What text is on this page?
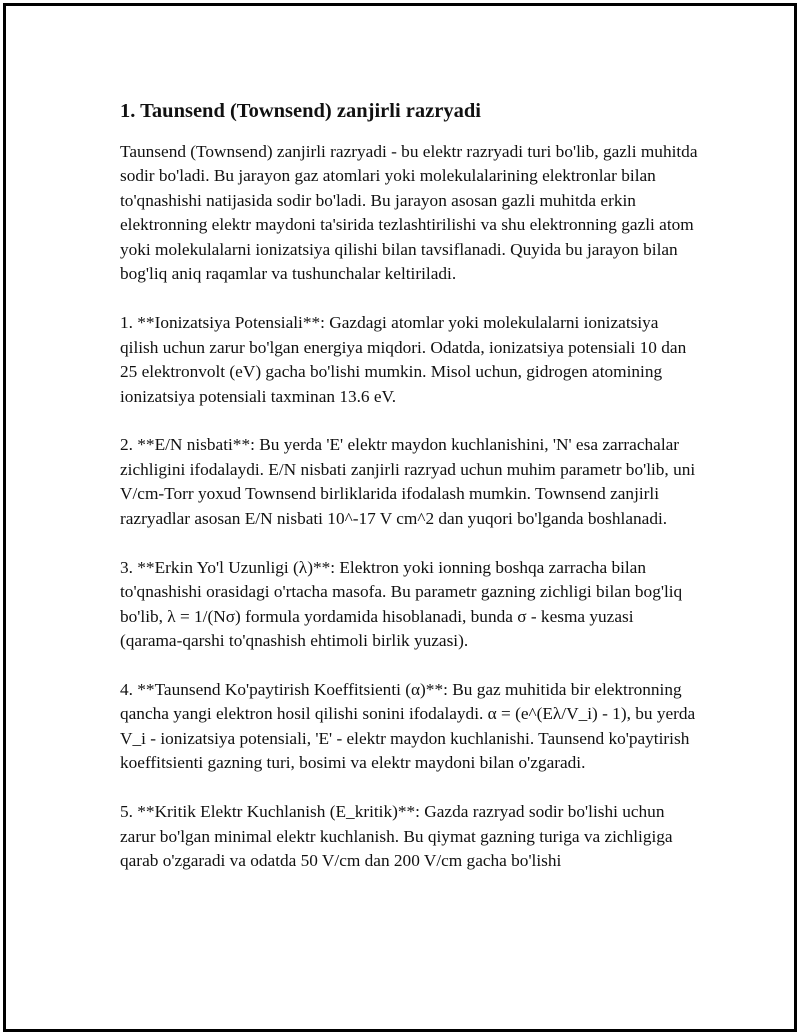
1. Taunsend (Townsend) zanjirli razryadi

Taunsend (Townsend) zanjirli razryadi - bu elektr razryadi turi bo'lib, gazli muhitda sodir bo'ladi. Bu jarayon gaz atomlari yoki molekulalarining elektronlar bilan to'qnashishi natijasida sodir bo'ladi. Bu jarayon asosan gazli muhitda erkin elektronning elektr maydoni ta'sirida tezlashtirilishi va shu elektronning gazli atom yoki molekulalarni ionizatsiya qilishi bilan tavsiflanadi. Quyida bu jarayon bilan bog'liq aniq raqamlar va tushunchalar keltiriladi.

1. **Ionizatsiya Potensiali**: Gazdagi atomlar yoki molekulalarni ionizatsiya qilish uchun zarur bo'lgan energiya miqdori. Odatda, ionizatsiya potensiali 10 dan 25 elektronvolt (eV) gacha bo'lishi mumkin. Misol uchun, gidrogen atomining ionizatsiya potensiali taxminan 13.6 eV.

2. **E/N nisbati**: Bu yerda 'E' elektr maydon kuchlanishini, 'N' esa zarrachalar zichligini ifodalaydi. E/N nisbati zanjirli razryad uchun muhim parametr bo'lib, uni V/cm-Torr yoxud Townsend birliklarida ifodalash mumkin. Townsend zanjirli razryadlar asosan E/N nisbati 10^-17 V cm^2 dan yuqori bo'lganda boshlanadi.

3. **Erkin Yo'l Uzunligi (λ)**: Elektron yoki ionning boshqa zarracha bilan to'qnashishi orasidagi o'rtacha masofa. Bu parametr gazning zichligi bilan bog'liq bo'lib, λ = 1/(Nσ) formula yordamida hisoblanadi, bunda σ - kesma yuzasi (qarama-qarshi to'qnashish ehtimoli birlik yuzasi).

4. **Taunsend Ko'paytirish Koeffitsienti (α)**: Bu gaz muhitida bir elektronning qancha yangi elektron hosil qilishi sonini ifodalaydi. α = (e^(Eλ/V_i) - 1), bu yerda V_i - ionizatsiya potensiali, 'E' - elektr maydon kuchlanishi. Taunsend ko'paytirish koeffitsienti gazning turi, bosimi va elektr maydoni bilan o'zgaradi.

5. **Kritik Elektr Kuchlanish (E_kritik)**: Gazda razryad sodir bo'lishi uchun zarur bo'lgan minimal elektr kuchlanish. Bu qiymat gazning turiga va zichligiga qarab o'zgaradi va odatda 50 V/cm dan 200 V/cm gacha bo'lishi
